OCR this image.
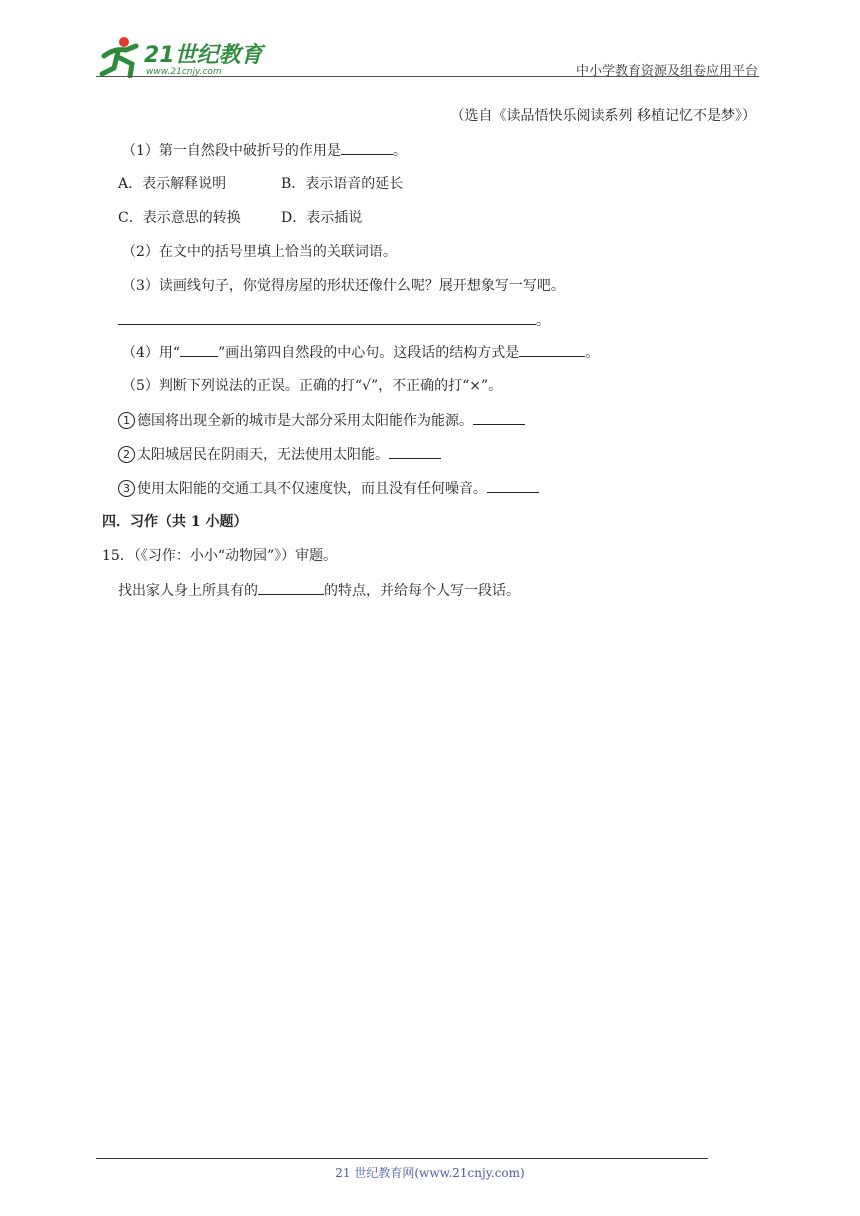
21世纪教育
www.21cnjy.com	中小学教育资源及组卷应用平台
（选自《读品悟快乐阅读系列 移植记忆不是梦》）
（1）第一自然段中破折号的作用是	。
A．表示解释说明	B．表示语音的延长
C．表示意思的转换	D．表示插说
（2）在文中的括号里填上恰当的关联词语。
（3）读画线句子，你觉得房屋的形状还像什么呢？展开想象写一写吧。
。
（4）用“	”画出第四自然段的中心句。这段话的结构方式是	。
（5）判断下列说法的正误。正确的打“√”，不正确的打“×”。
1 德国将出现全新的城市是大部分采用太阳能作为能源。
2 太阳城居民在阴雨天，无法使用太阳能。
3 使用太阳能的交通工具不仅速度快，而且没有任何噪音。
四．习作（共 1 小题）
15．（《习作：小小“动物园”》）审题。
找出家人身上所具有的	的特点，并给每个人写一段话。
21 世纪教育网(www.21cnjy.com)
